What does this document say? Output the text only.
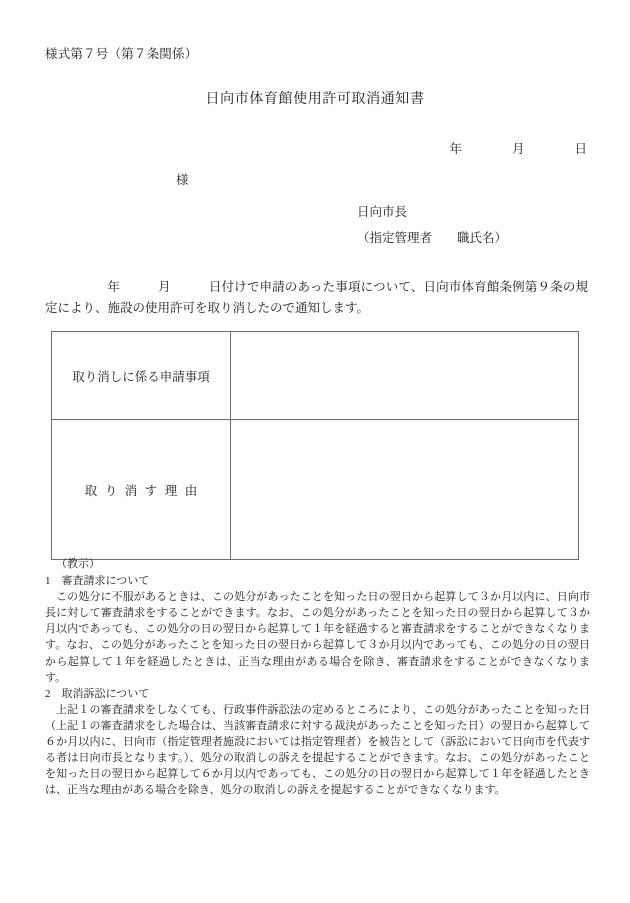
様式第７号（第７条関係）
日向市体育館使用許可取消通知書
年　　　　月　　　　日
様
日向市長
（指定管理者　　職氏名）
年　　　月　　　日付けで申請のあった事項について、日向市体育館条例第９条の規定により、施設の使用許可を取り消したので通知します。
取り消しに係る申請事項	
取り消す理由	
（教示）
1　 審査請求について
この処分に不服があるときは、この処分があったことを知った日の翌日から起算して３か月以内に、日向市長に対して審査請求をすることができます。なお、この処分があったことを知った日の翌日から起算して３か月以内であっても、この処分の日の翌日から起算して１年を経過すると審査請求をすることができなくなります。なお、この処分があったことを知った日の翌日から起算して３か月以内であっても、この処分の日の翌日から起算して１年を経過したときは、正当な理由がある場合を除き、審査請求をすることができなくなります。
2　 取消訴訟について
上記１の審査請求をしなくても、行政事件訴訟法の定めるところにより、この処分があったことを知った日（上記１の審査請求をした場合は、当該審査請求に対する裁決があったことを知った日）の翌日から起算して６か月以内に、日向市（指定管理者施設においては指定管理者）を被告として（訴訟において日向市を代表する者は日向市長となります。）、処分の取消しの訴えを提起することができます。なお、この処分があったことを知った日の翌日から起算して６か月以内であっても、この処分の日の翌日から起算して１年を経過したときは、正当な理由がある場合を除き、処分の取消しの訴えを提起することができなくなります。
